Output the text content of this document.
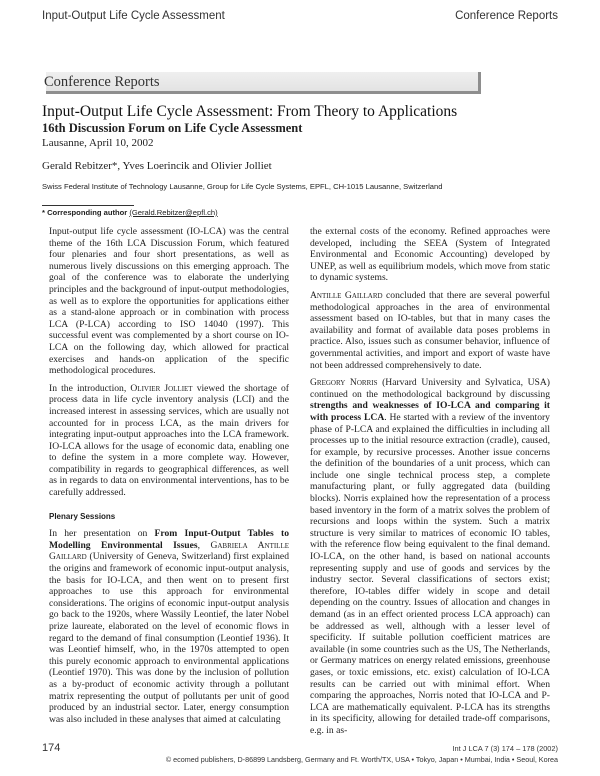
Input-Output Life Cycle Assessment	Conference Reports
Conference Reports
Input-Output Life Cycle Assessment: From Theory to Applications
16th Discussion Forum on Life Cycle Assessment
Lausanne, April 10, 2002
Gerald Rebitzer*, Yves Loerincik and Olivier Jolliet
Swiss Federal Institute of Technology Lausanne, Group for Life Cycle Systems, EPFL, CH-1015 Lausanne, Switzerland
* Corresponding author (Gerald.Rebitzer@epfl.ch)

Input-output life cycle assessment (IO-LCA) was the central theme of the 16th LCA Discussion Forum, which featured four plenaries and four short presentations, as well as numerous lively discussions on this emerging approach. The goal of the conference was to elaborate the underlying principles and the background of input-output methodologies, as well as to explore the opportunities for applications either as a stand-alone approach or in combination with process LCA (P-LCA) according to ISO 14040 (1997). This successful event was complemented by a short course on IO-LCA on the following day, which allowed for practical exercises and hands-on application of the specific methodological procedures.

In the introduction, Olivier Jolliet viewed the shortage of process data in life cycle inventory analysis (LCI) and the increased interest in assessing services, which are usually not accounted for in process LCA, as the main drivers for integrating input-output approaches into the LCA framework. IO-LCA allows for the usage of economic data, enabling one to define the system in a more complete way. However, compatibility in regards to geographical differences, as well as in regards to data on environmental interventions, has to be carefully addressed.

Plenary Sessions

In her presentation on From Input-Output Tables to Modelling Environmental Issues, Gabriela Antille Gaillard (University of Geneva, Switzerland) first explained the origins and framework of economic input-output analysis, the basis for IO-LCA, and then went on to present first approaches to use this approach for environmental considerations. The origins of economic input-output analysis go back to the 1920s, where Wassily Leontief, the later Nobel prize laureate, elaborated on the level of economic flows in regard to the demand of final consumption (Leontief 1936). It was Leontief himself, who, in the 1970s attempted to open this purely economic approach to environmental applications (Leontief 1970). This was done by the inclusion of pollution as a by-product of economic activity through a pollutant matrix representing the output of pollutants per unit of good produced by an industrial sector. Later, energy consumption was also included in these analyses that aimed at calculating

the external costs of the economy. Refined approaches were developed, including the SEEA (System of Integrated Environmental and Economic Accounting) developed by UNEP, as well as equilibrium models, which move from static to dynamic systems.

Antille Gaillard concluded that there are several powerful methodological approaches in the area of environmental assessment based on IO-tables, but that in many cases the availability and format of available data poses problems in practice. Also, issues such as consumer behavior, influence of governmental activities, and import and export of waste have not been addressed comprehensively to date.

Gregory Norris (Harvard University and Sylvatica, USA) continued on the methodological background by discussing strengths and weaknesses of IO-LCA and comparing it with process LCA. He started with a review of the inventory phase of P-LCA and explained the difficulties in including all processes up to the initial resource extraction (cradle), caused, for example, by recursive processes. Another issue concerns the definition of the boundaries of a unit process, which can include one single technical process step, a complete manufacturing plant, or fully aggregated data (building blocks). Norris explained how the representation of a process based inventory in the form of a matrix solves the problem of recursions and loops within the system. Such a matrix structure is very similar to matrices of economic IO tables, with the reference flow being equivalent to the final demand. IO-LCA, on the other hand, is based on national accounts representing supply and use of goods and services by the industry sector. Several classifications of sectors exist; therefore, IO-tables differ widely in scope and detail depending on the country. Issues of allocation and changes in demand (as in an effect oriented process LCA approach) can be addressed as well, although with a lesser level of specificity. If suitable pollution coefficient matrices are available (in some countries such as the US, The Netherlands, or Germany matrices on energy related emissions, greenhouse gases, or toxic emissions, etc. exist) calculation of IO-LCA results can be carried out with minimal effort. When comparing the approaches, Norris noted that IO-LCA and P-LCA are mathematically equivalent. P-LCA has its strengths in its specificity, allowing for detailed trade-off comparisons, e.g. in as-

174	Int J LCA 7 (3) 174 – 178 (2002)
© ecomed publishers, D-86899 Landsberg, Germany and Ft. Worth/TX, USA • Tokyo, Japan • Mumbai, India • Seoul, Korea
